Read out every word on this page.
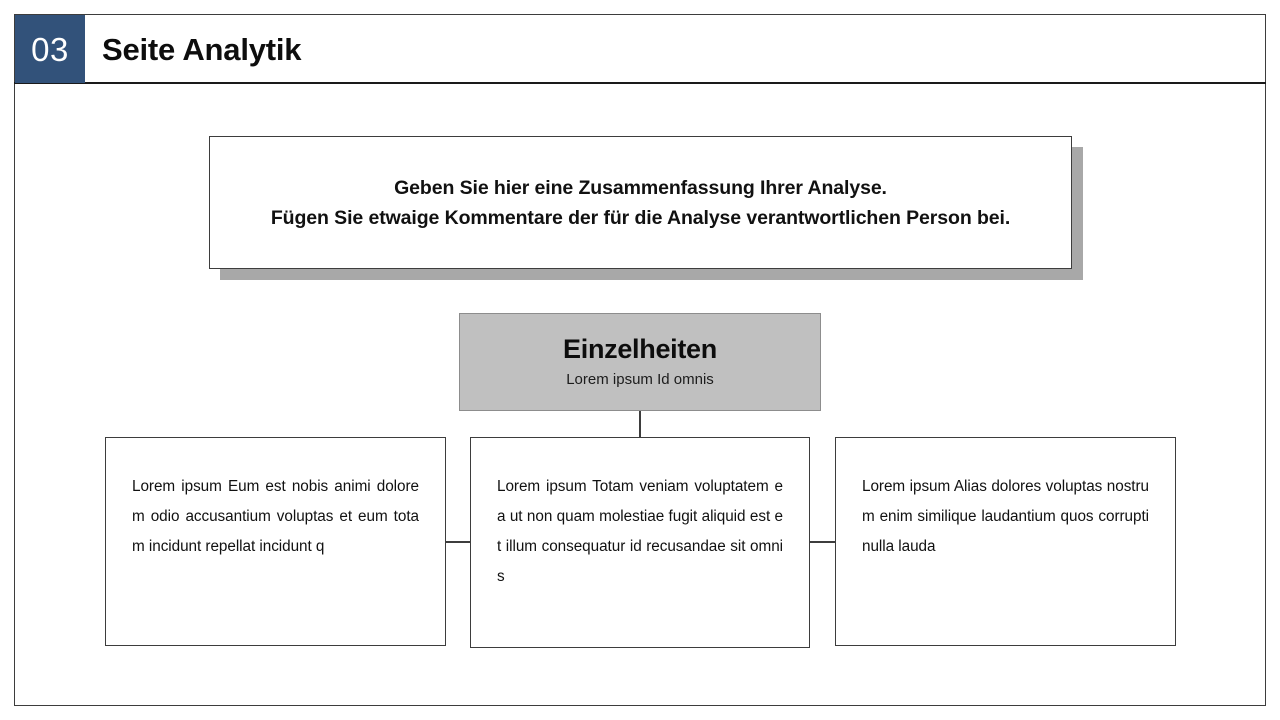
03 Seite Analytik
Geben Sie hier eine Zusammenfassung Ihrer Analyse.
Fügen Sie etwaige Kommentare der für die Analyse verantwortlichen Person bei.
Einzelheiten
Lorem ipsum Id omnis
Lorem ipsum Eum est nobis animi dolorem odio accusantium voluptas et eum totam incidunt repellat incidunt q
Lorem ipsum Totam veniam voluptatem ea ut non quam molestiae fugit aliquid est et illum consequatur id recusandae sit omnis
Lorem ipsum Alias dolores voluptas nostrum enim similique laudantium quos corrupti nulla lauda
